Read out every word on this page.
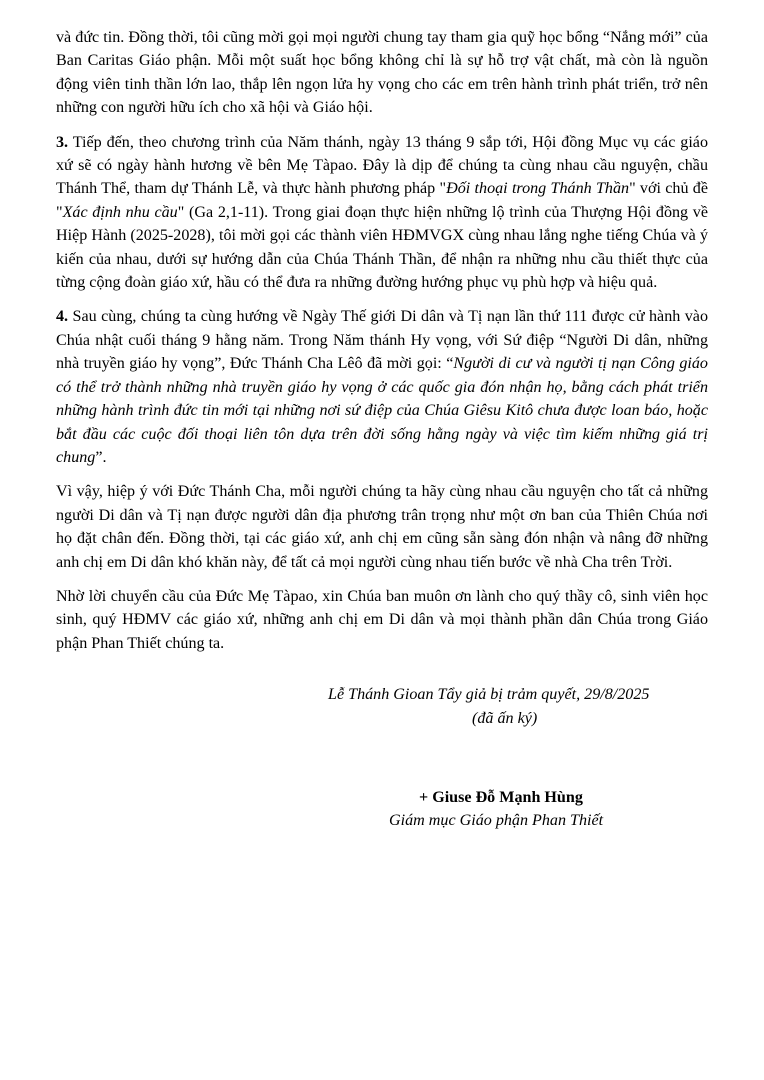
và đức tin. Đồng thời, tôi cũng mời gọi mọi người chung tay tham gia quỹ học bổng “Nắng mới” của Ban Caritas Giáo phận. Mỗi một suất học bổng không chỉ là sự hỗ trợ vật chất, mà còn là nguồn động viên tinh thần lớn lao, thắp lên ngọn lửa hy vọng cho các em trên hành trình phát triển, trở nên những con người hữu ích cho xã hội và Giáo hội.

3. Tiếp đến, theo chương trình của Năm thánh, ngày 13 tháng 9 sắp tới, Hội đồng Mục vụ các giáo xứ sẽ có ngày hành hương về bên Mẹ Tàpao. Đây là dịp để chúng ta cùng nhau cầu nguyện, chầu Thánh Thể, tham dự Thánh Lễ, và thực hành phương pháp "Đối thoại trong Thánh Thần" với chủ đề "Xác định nhu cầu" (Ga 2,1-11). Trong giai đoạn thực hiện những lộ trình của Thượng Hội đồng về Hiệp Hành (2025-2028), tôi mời gọi các thành viên HĐMVGX cùng nhau lắng nghe tiếng Chúa và ý kiến của nhau, dưới sự hướng dẫn của Chúa Thánh Thần, để nhận ra những nhu cầu thiết thực của từng cộng đoàn giáo xứ, hầu có thể đưa ra những đường hướng phục vụ phù hợp và hiệu quả.

4. Sau cùng, chúng ta cùng hướng về Ngày Thế giới Di dân và Tị nạn lần thứ 111 được cử hành vào Chúa nhật cuối tháng 9 hằng năm. Trong Năm thánh Hy vọng, với Sứ điệp “Người Di dân, những nhà truyền giáo hy vọng”, Đức Thánh Cha Lêô đã mời gọi: “Người di cư và người tị nạn Công giáo có thể trở thành những nhà truyền giáo hy vọng ở các quốc gia đón nhận họ, bằng cách phát triển những hành trình đức tin mới tại những nơi sứ điệp của Chúa Giêsu Kitô chưa được loan báo, hoặc bắt đầu các cuộc đối thoại liên tôn dựa trên đời sống hằng ngày và việc tìm kiếm những giá trị chung”.

Vì vậy, hiệp ý với Đức Thánh Cha, mỗi người chúng ta hãy cùng nhau cầu nguyện cho tất cả những người Di dân và Tị nạn được người dân địa phương trân trọng như một ơn ban của Thiên Chúa nơi họ đặt chân đến. Đồng thời, tại các giáo xứ, anh chị em cũng sẵn sàng đón nhận và nâng đỡ những anh chị em Di dân khó khăn này, để tất cả mọi người cùng nhau tiến bước về nhà Cha trên Trời.

Nhờ lời chuyển cầu của Đức Mẹ Tàpao, xin Chúa ban muôn ơn lành cho quý thầy cô, sinh viên học sinh, quý HĐMV các giáo xứ, những anh chị em Di dân và mọi thành phần dân Chúa trong Giáo phận Phan Thiết chúng ta.

Lễ Thánh Gioan Tẩy giả bị trảm quyết, 29/8/2025
(đã ấn ký)
+ Giuse Đỗ Mạnh Hùng
Giám mục Giáo phận Phan Thiết
